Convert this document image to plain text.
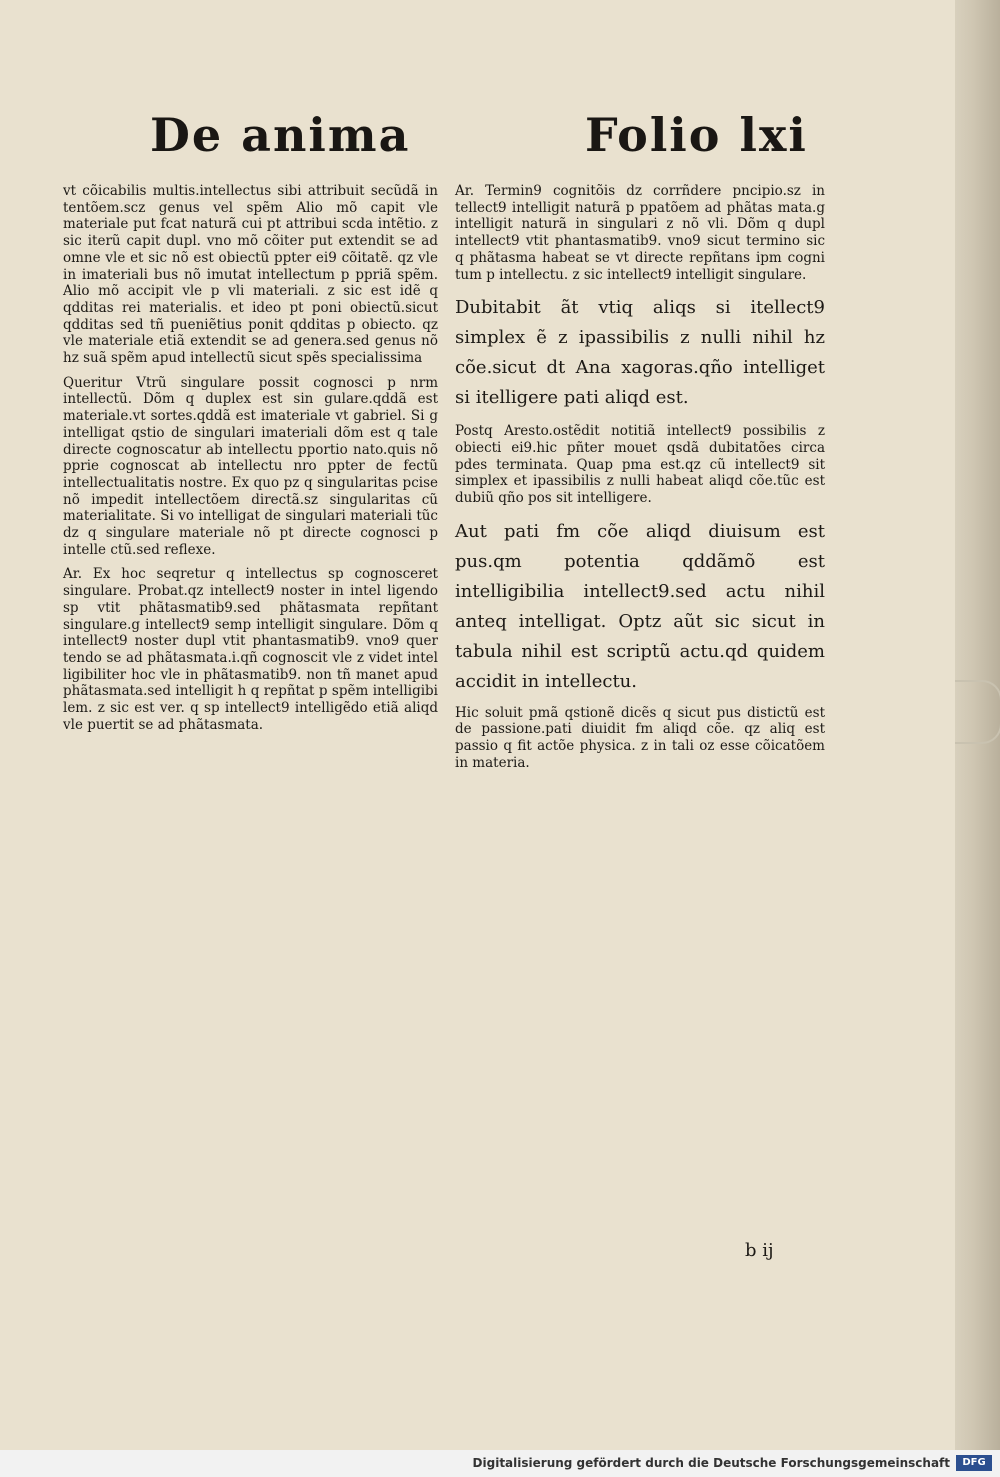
De anima	Folio lxi

vt cõicabilis multis.intellectus sibi attribuit secũdã in tentõem.scz genus vel spẽm Alio mõ capit vle materiale put fcat naturã cui pt attribui scda intẽtio. z sic iterũ capit dupl. vno mõ cõiter put extendit se ad omne vle et sic nõ est obiectũ ppter ei9 cõitatẽ. qz vle in imateriali bus nõ imutat intellectum p ppriã spẽm. Alio mõ accipit vle p vli materiali. z sic est idẽ q qdditas rei materialis. et ideo pt poni obiectũ.sicut qdditas sed tñ pueniẽtius ponit qdditas p obiecto. qz vle materiale etiã extendit se ad genera.sed genus nõ hz suã spẽm apud intellectũ sicut spẽs specialissima

Queritur Vtrũ singulare possit cognosci p nrm intellectũ. Dõm q duplex est sin gulare.qddã est materiale.vt sortes.qddã est imateriale vt gabriel. Si g intelligat qstio de singulari imateriali dõm est q tale directe cognoscatur ab intellectu pportio nato.quis nõ pprie cognoscat ab intellectu nro ppter de fectũ intellectualitatis nostre. Ex quo pz q singularitas pcise nõ impedit intellectõem directã.sz singularitas cũ materialitate. Si vo intelligat de singulari materiali tũc dz q singulare materiale nõ pt directe cognosci p intelle ctũ.sed reflexe.

Ar. Ex hoc seqretur q intellectus sp cognosceret singulare. Probat.qz intellect9 noster in intel ligendo sp vtit phãtasmatib9.sed phãtasmata repñtant singulare.g intellect9 semp intelligit singulare. Dõm q intellect9 noster dupl vtit phantasmatib9. vno9 quer tendo se ad phãtasmata.i.qñ cognoscit vle z videt intel ligibiliter hoc vle in phãtasmatib9. non tñ manet apud phãtasmata.sed intelligit h q repñtat p spẽm intelligibi lem. z sic est ver. q sp intellect9 intelligẽdo etiã aliqd vle puertit se ad phãtasmata.

Ar. Termin9 cognitõis dz corrñdere pncipio.sz in tellect9 intelligit naturã p ppatõem ad phãtas mata.g intelligit naturã in singulari z nõ vli. Dõm q dupl intellect9 vtit phantasmatib9. vno9 sicut termino sic q phãtasma habeat se vt directe repñtans ipm cogni tum p intellectu. z sic intellect9 intelligit singulare.

Dubitabit ãt vtiq aliqs si itellect9 simplex ẽ z ipassibilis z nulli nihil hz cõe.sicut dt Ana xagoras.qño intelliget si itelligere pati aliqd est.

Postq Aresto.ostẽdit notitiã intellect9 possibilis z obiecti ei9.hic pñter mouet qsdã dubitatões circa pdes terminata. Quap pma est.qz cũ intellect9 sit simplex et ipassibilis z nulli habeat aliqd cõe.tũc est dubiũ qño pos sit intelligere.

Aut pati fm cõe aliqd diuisum est pus.qm potentia qddãmõ est intelligibilia intellect9.sed actu nihil anteq intelligat. Optz aũt sic sicut in tabula nihil est scriptũ actu.qd quidem accidit in intellectu.

Hic soluit pmã qstionẽ dicẽs q sicut pus distictũ est de passione.pati diuidit fm aliqd cõe. qz aliq est passio q fit actõe physica. z in tali oz esse cõicatõem in materia.

b ij
Digitalisierung gefördert durch die Deutsche Forschungsgemeinschaft	DFG
